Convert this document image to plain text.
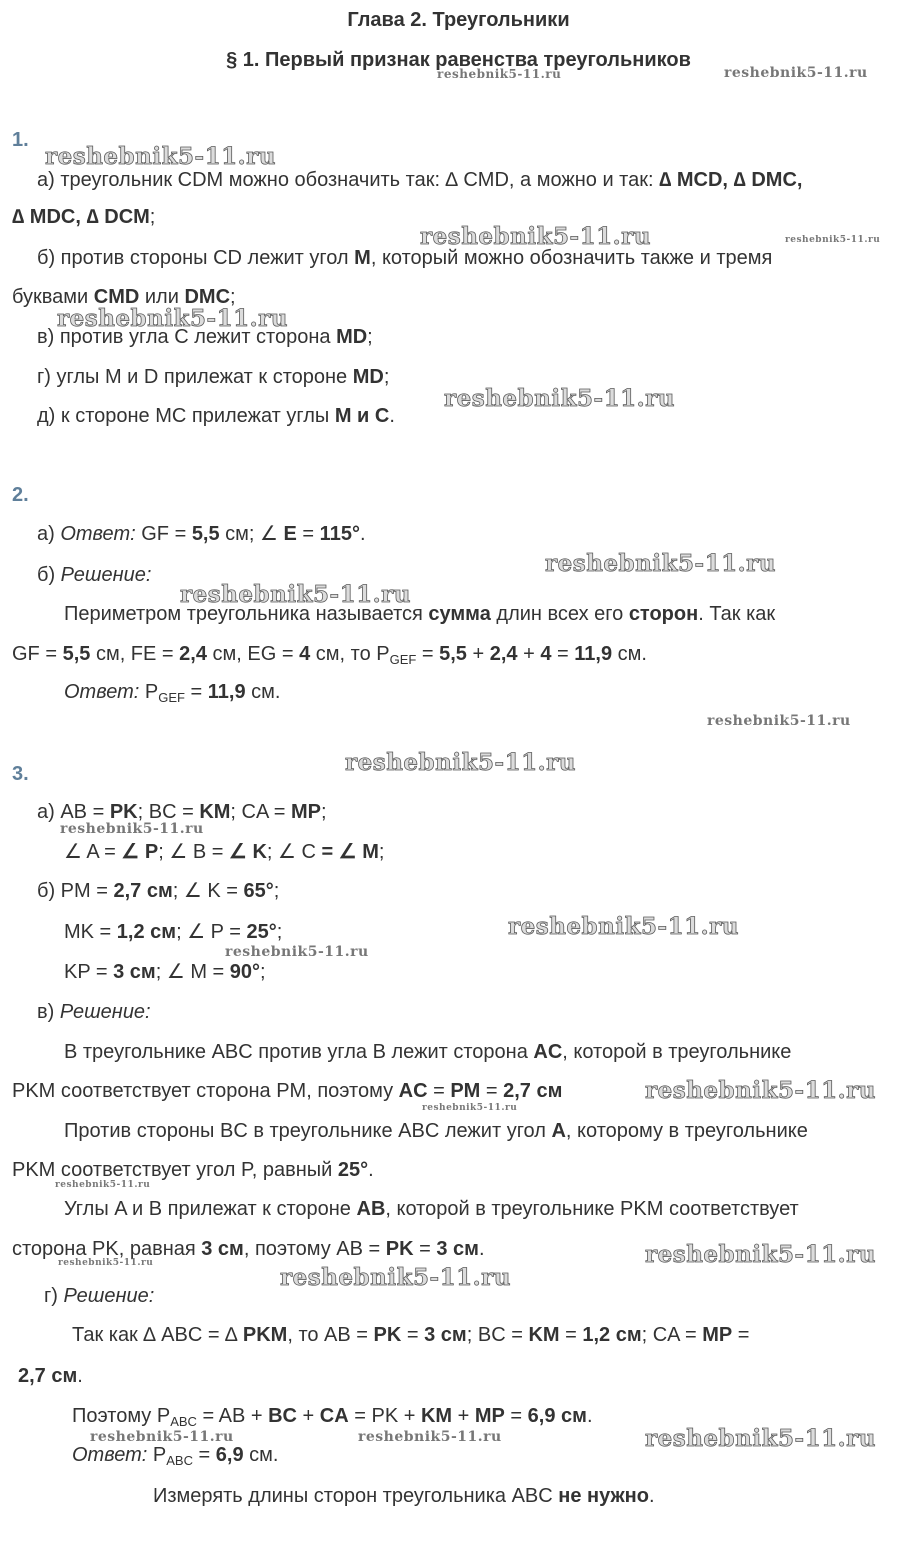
Глава 2. Треугольники
§ 1. Первый признак равенства треугольников
1.
а) треугольник CDM можно обозначить так: ∆ CMD, а можно и так: ∆ MCD, ∆ DMC,
∆ MDC, ∆ DCM;
б) против стороны CD лежит угол M, который можно обозначить также и тремя
буквами CMD или DMC;
в) против угла C лежит сторона MD;
г) углы M и D прилежат к стороне MD;
д) к стороне MC прилежат углы M и C.
2.
а) Ответ: GF = 5,5 см; ∠ E = 115°.
б) Решение:
Периметром треугольника называется сумма длин всех его сторон. Так как
GF = 5,5 см, FE = 2,4 см, EG = 4 см, то $P_{GEF} = 5,5 + 2,4 + 4 = 11,9$ см.
Ответ: $P_{GEF} = 11,9$ см.
3.
а) AB = PK; BC = KM; CA = MP;
∠ A = ∠ P; ∠ B = ∠ K; ∠ C = ∠ M;
б) PM = 2,7 см; ∠ K = 65°;
MK = 1,2 см; ∠ P = 25°;
KP = 3 см; ∠ M = 90°;
в) Решение:
В треугольнике ABC против угла B лежит сторона AC, которой в треугольнике
PKM соответствует сторона PM, поэтому AC = PM = 2,7 см
Против стороны BC в треугольнике ABC лежит угол A, которому в треугольнике
PKM соответствует угол P, равный 25°.
Углы A и B прилежат к стороне AB, которой в треугольнике PKM соответствует
сторона PK, равная 3 см, поэтому AB = PK = 3 см.
г) Решение:
Так как ∆ ABC = ∆ PKM, то AB = PK = 3 см; BC = KM = 1,2 см; CA = MP =
2,7 см.
Поэтому $P_{ABC}$ = AB + BC + CA = PK + KM + MP = 6,9 см.
Ответ: $P_{ABC} = 6,9$ см.
Измерять длины сторон треугольника ABC не нужно.
reshebnik5-11.ru	reshebnik5-11.ru
reshebnik5-11.ru
reshebnik5-11.ru	reshebnik5-11.ru
reshebnik5-11.ru
reshebnik5-11.ru
reshebnik5-11.ru
reshebnik5-11.ru
reshebnik5-11.ru
reshebnik5-11.ru
reshebnik5-11.ru
reshebnik5-11.ru
reshebnik5-11.ru
reshebnik5-11.ru
reshebnik5-11.ru
reshebnik5-11.ru
reshebnik5-11.ru
reshebnik5-11.ru
reshebnik5-11.ru
reshebnik5-11.ru	reshebnik5-11.ru	reshebnik5-11.ru
